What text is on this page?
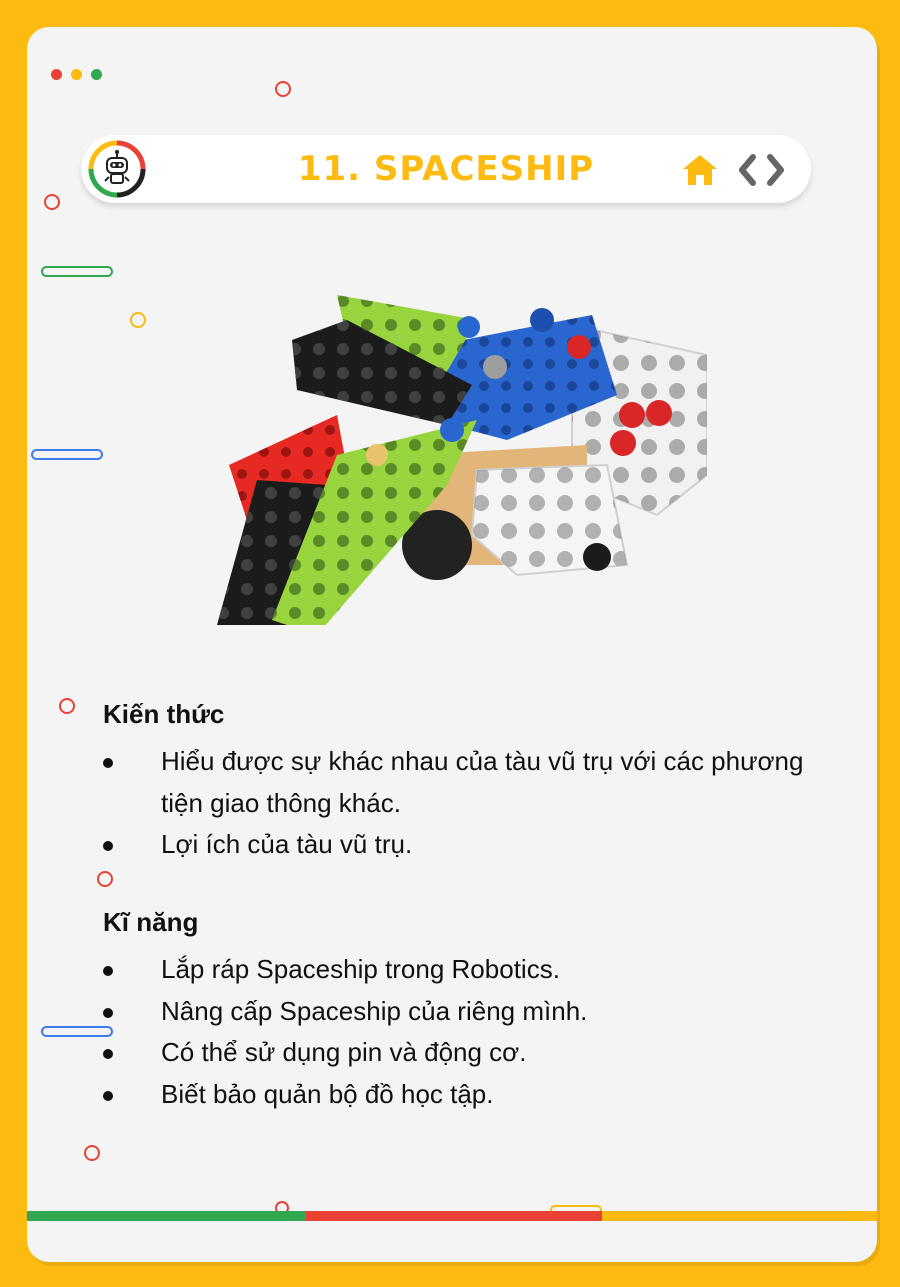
11. SPACESHIP
Kiến thức
Hiểu được sự khác nhau của tàu vũ trụ với các phương tiện giao thông khác.
Lợi ích của tàu vũ trụ.
Kĩ năng
Lắp ráp Spaceship trong Robotics.
Nâng cấp Spaceship của riêng mình.
Có thể sử dụng pin và động cơ.
Biết bảo quản bộ đồ học tập.
